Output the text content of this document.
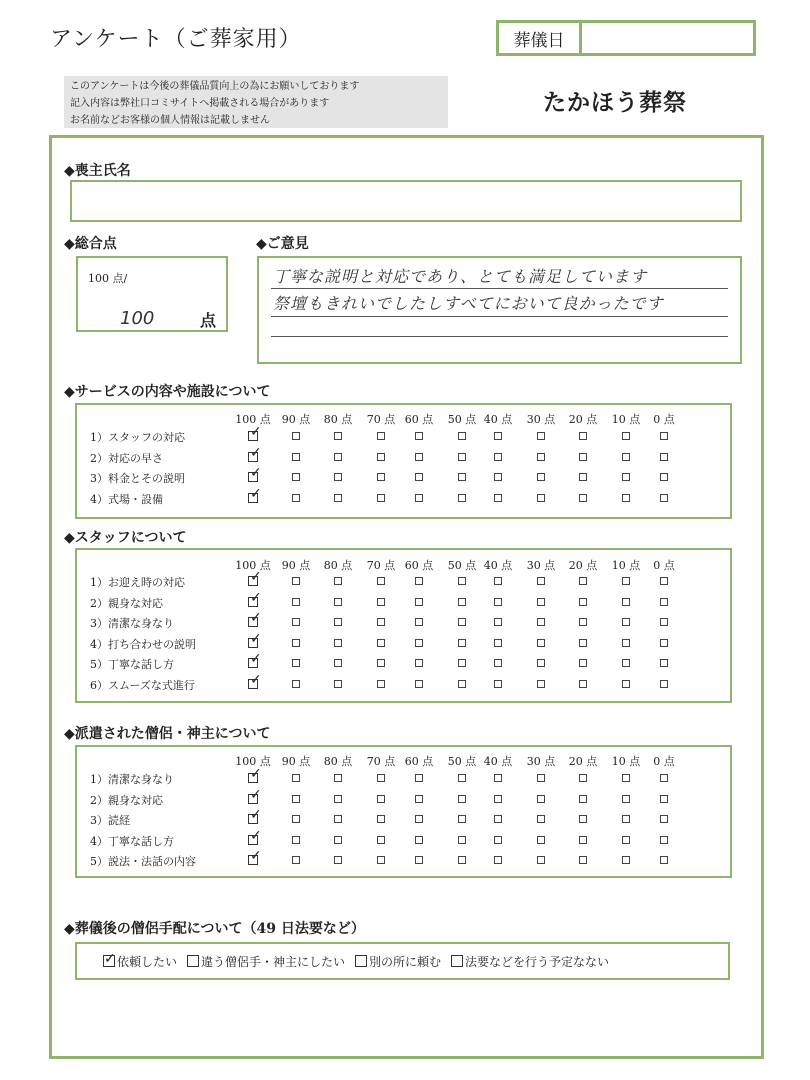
アンケート（ご葬家用）	葬儀日
このアンケートは今後の葬儀品質向上の為にお願いしております
記入内容は弊社口コミサイトへ掲載される場合があります
お名前などお客様の個人情報は記載しません
たかほう葬祭
◆喪主氏名
◆総合点
100 点/
100	点
◆ご意見
丁寧な説明と対応であり、とても満足しています
祭壇もきれいでしたしすべてにおいて良かったです
◆サービスの内容や施設について
100 点	90 点	80 点	70 点 60 点	50 点 40 点	30 点	20 点	10 点	0 点
1）スタッフの対応	✓
2）対応の早さ	✓
3）料金とその説明	✓
4）式場・設備	✓
◆スタッフについて
100 点	90 点	80 点	70 点 60 点	50 点 40 点	30 点	20 点	10 点	0 点
1）お迎え時の対応	✓
2）親身な対応	✓
3）清潔な身なり	✓
4）打ち合わせの説明	✓
5）丁寧な話し方	✓
6）スムーズな式進行	✓
◆派遣された僧侶・神主について
100 点	90 点	80 点	70 点 60 点	50 点 40 点	30 点	20 点	10 点	0 点
1）清潔な身なり	✓
2）親身な対応	✓
3）読経	✓
4）丁寧な話し方	✓
5）説法・法話の内容	✓
◆葬儀後の僧侶手配について（49 日法要など）
✓ 依頼したい 違う僧侶手・神主にしたい 別の所に頼む 法要などを行う予定なない
